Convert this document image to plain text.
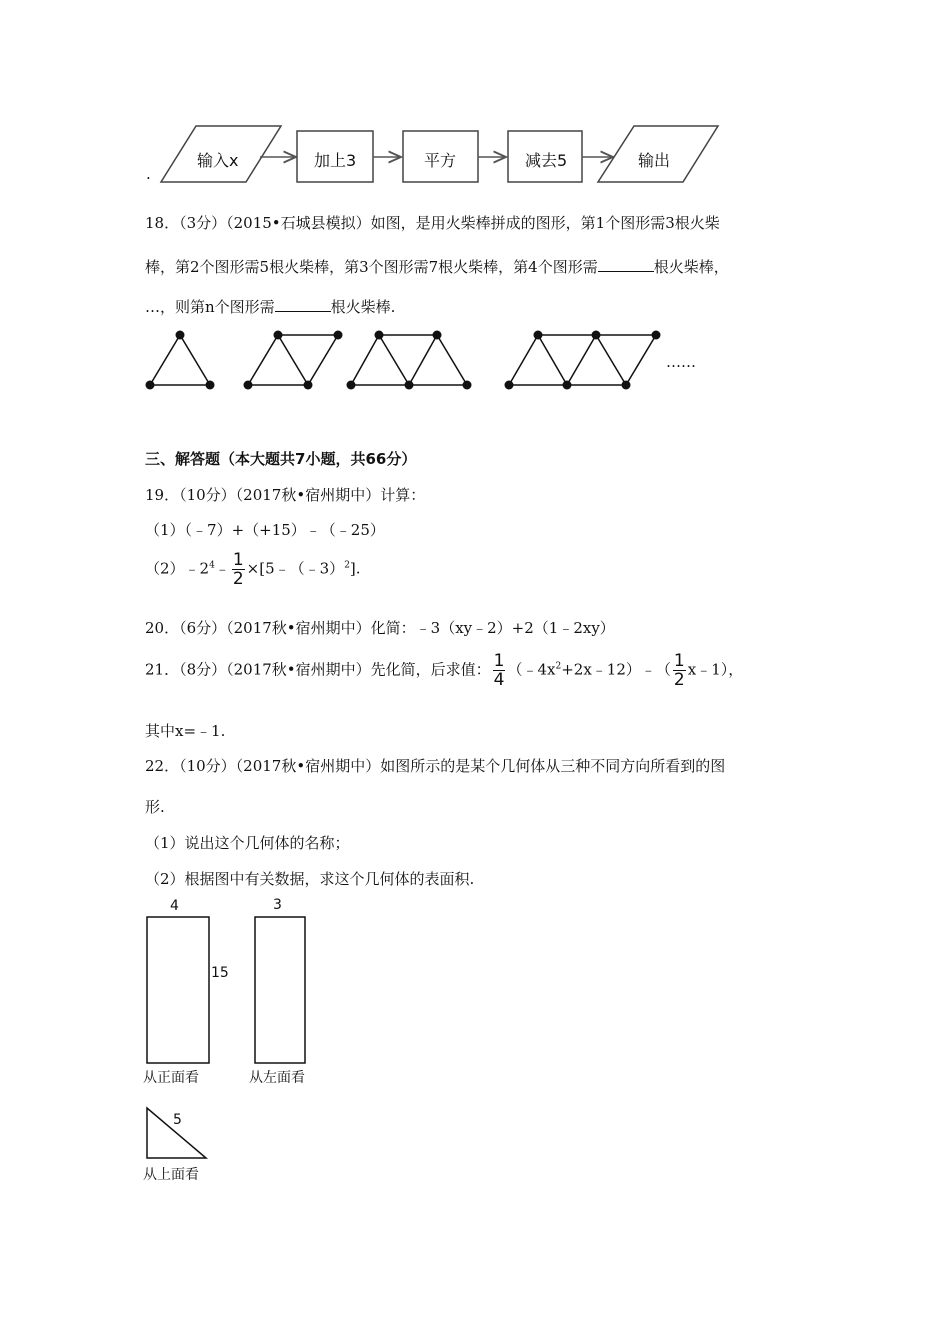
.
输入x	加上3	平方	减去5	输出
18．（3分）（2015•石城县模拟）如图，是用火柴棒拼成的图形，第1个图形需3根火柴
棒，第2个图形需5根火柴棒，第3个图形需7根火柴棒，第4个图形需	根火柴棒，
…，则第n个图形需	根火柴棒.
……
三、解答题（本大题共7小题，共66分）
19．（10分）（2017秋•宿州期中）计算：
（1）（﹣7）+（+15）﹣（﹣25）
$(2)﹣2^4﹣ \frac{1}{2}$ ×[5﹣（﹣3）$^2$].
20．（6分）（2017秋•宿州期中）化简：﹣3（xy﹣2）+2（1﹣2xy）
21．（8分）（2017秋•宿州期中）先化简，后求值： $\frac{1}{4}$ $(﹣4x^2+2x﹣12)﹣( \frac{1}{2}$ x﹣1），
其中x=﹣1.
22．（10分）（2017秋•宿州期中）如图所示的是某个几何体从三种不同方向所看到的图
形.
（1）说出这个几何体的名称；
（2）根据图中有关数据，求这个几何体的表面积.
4
15
3
从正面看	从左面看
5
从上面看
